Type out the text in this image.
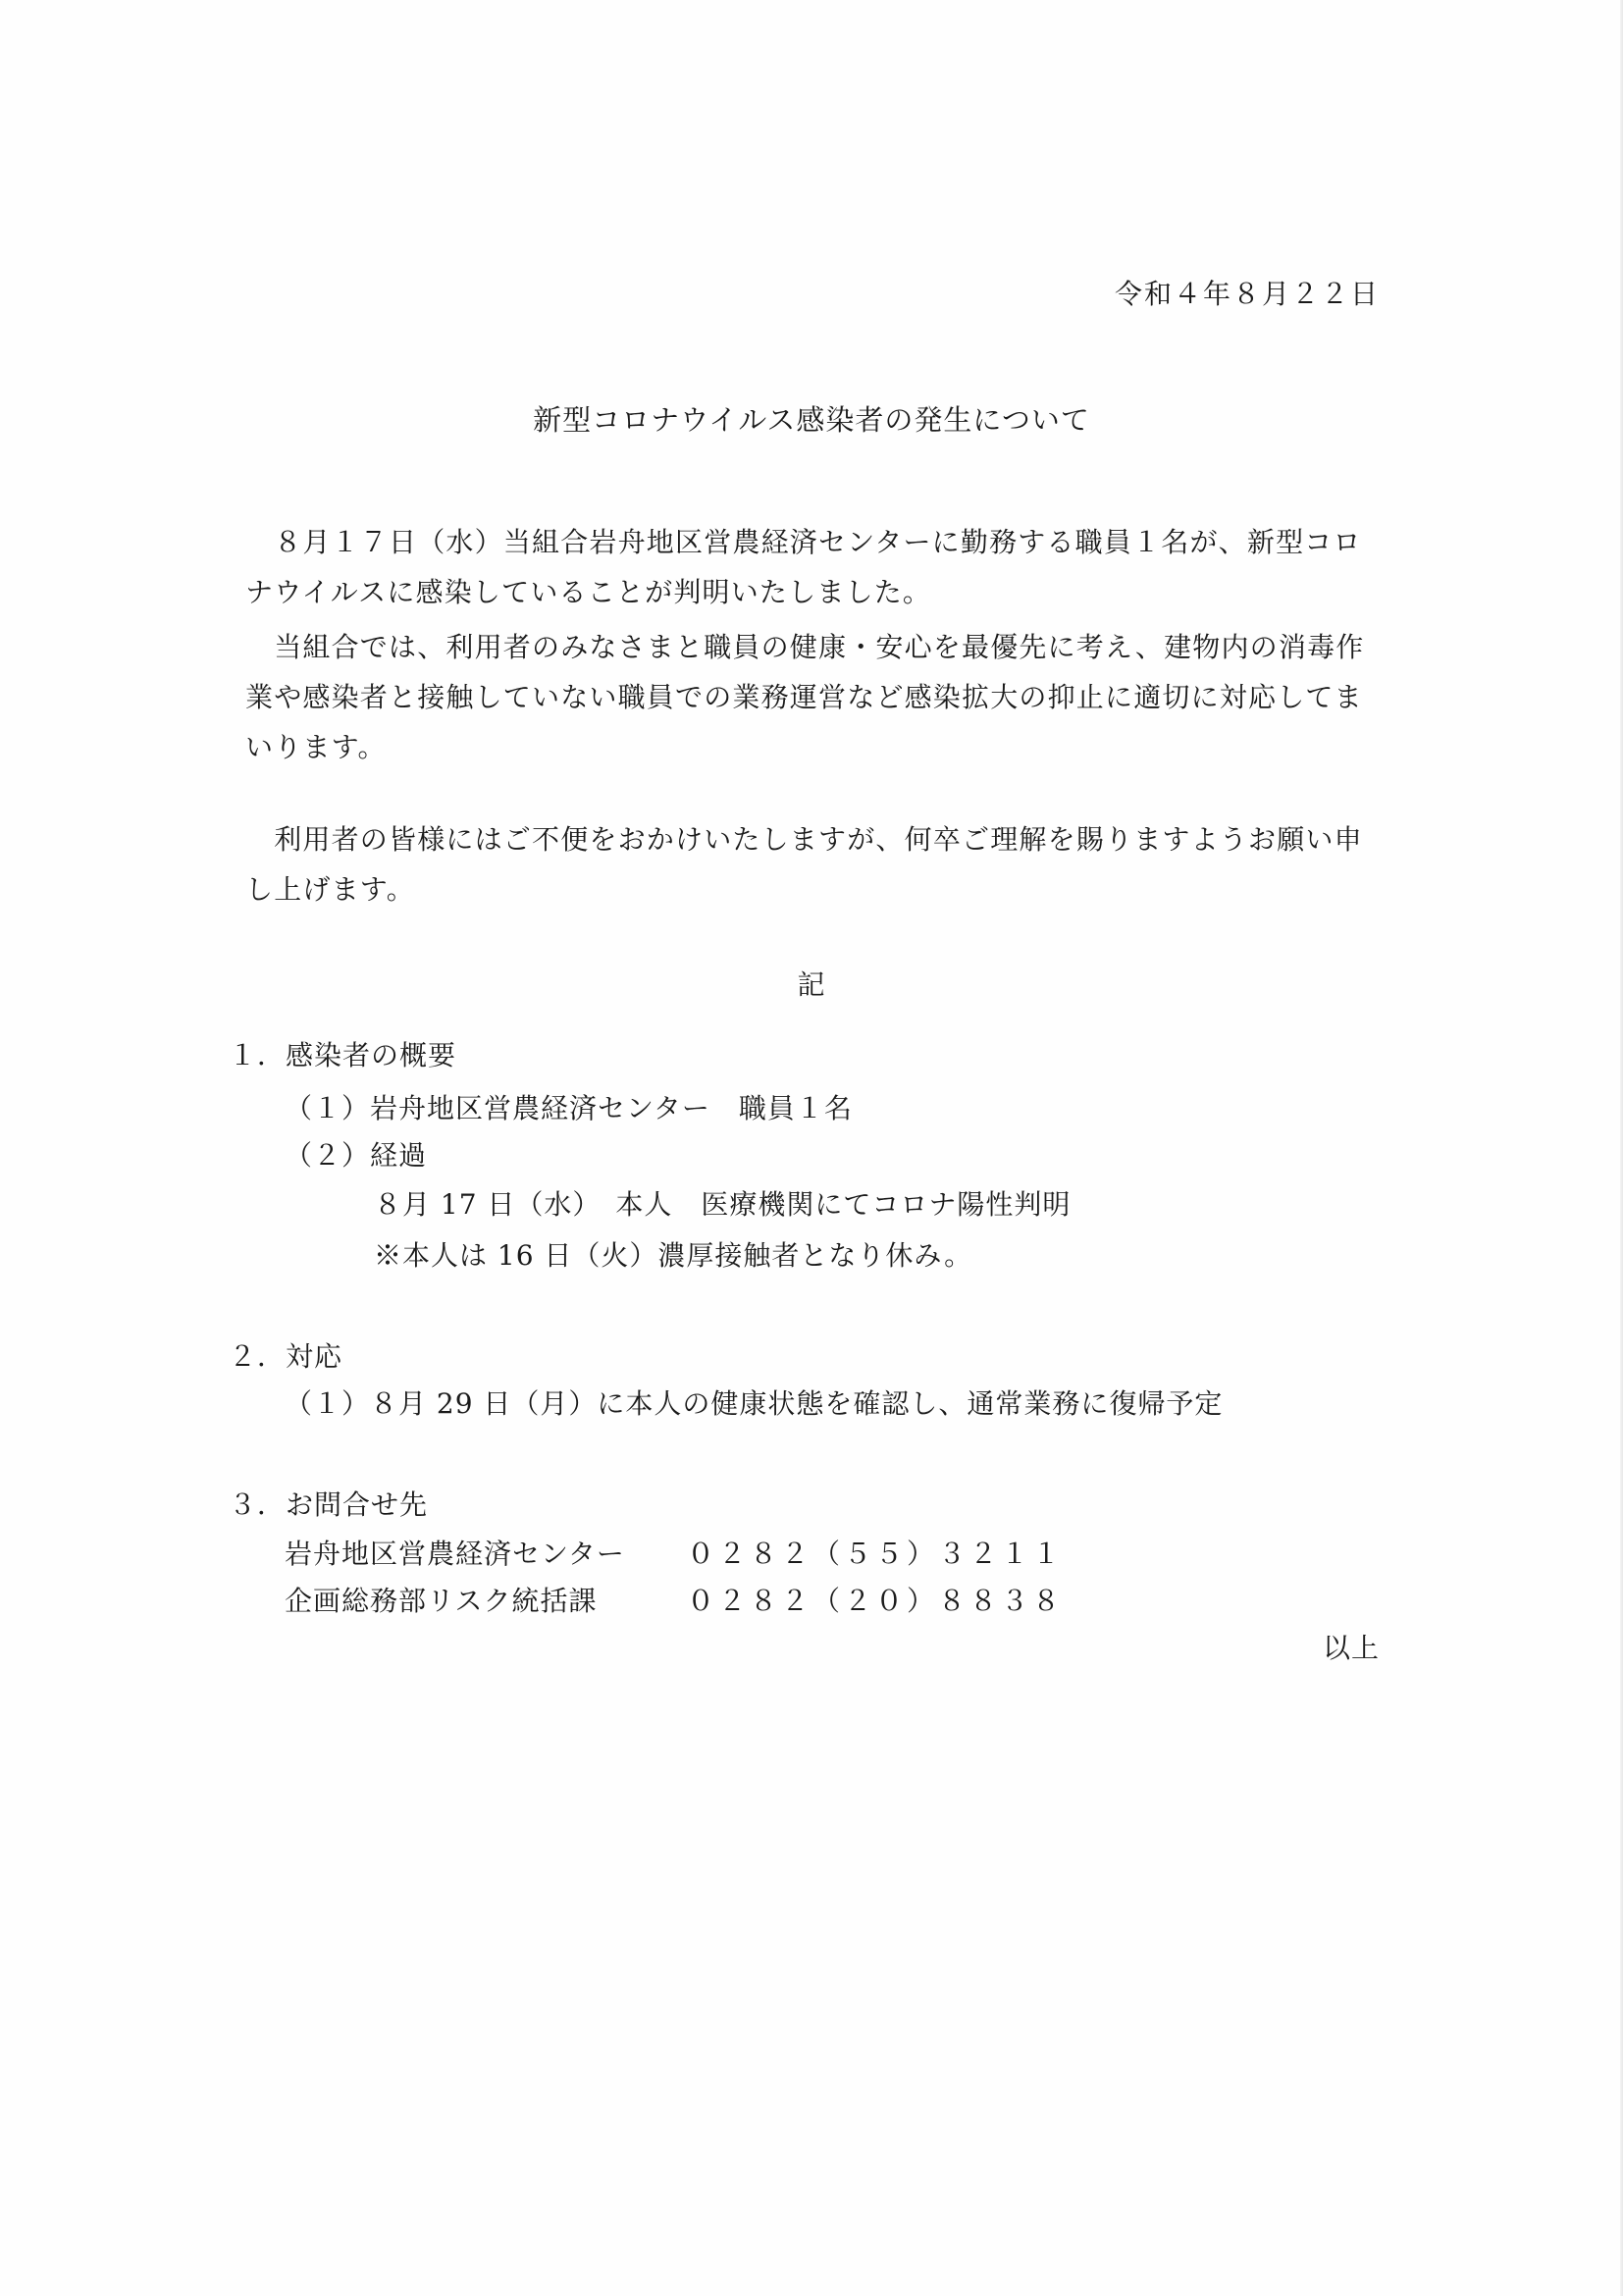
令和４年８月２２日
新型コロナウイルス感染者の発生について
　８月１７日（水）当組合岩舟地区営農経済センターに勤務する職員１名が、新型コロナウイルスに感染していることが判明いたしました。
　当組合では、利用者のみなさまと職員の健康・安心を最優先に考え、建物内の消毒作業や感染者と接触していない職員での業務運営など感染拡大の抑止に適切に対応してまいります。
　利用者の皆様にはご不便をおかけいたしますが、何卒ご理解を賜りますようお願い申し上げます。
記
１．感染者の概要
（１）岩舟地区営農経済センター　職員１名
（２）経過
８月 17 日（水）　本人　医療機関にてコロナ陽性判明
※本人は 16 日（火）濃厚接触者となり休み。
２．対応
（１）８月 29 日（月）に本人の健康状態を確認し、通常業務に復帰予定
３．お問合せ先
岩舟地区営農経済センター ０２８２（５５）３２１１
企画総務部リスク統括課	０２８２（２０）８８３８
以上
